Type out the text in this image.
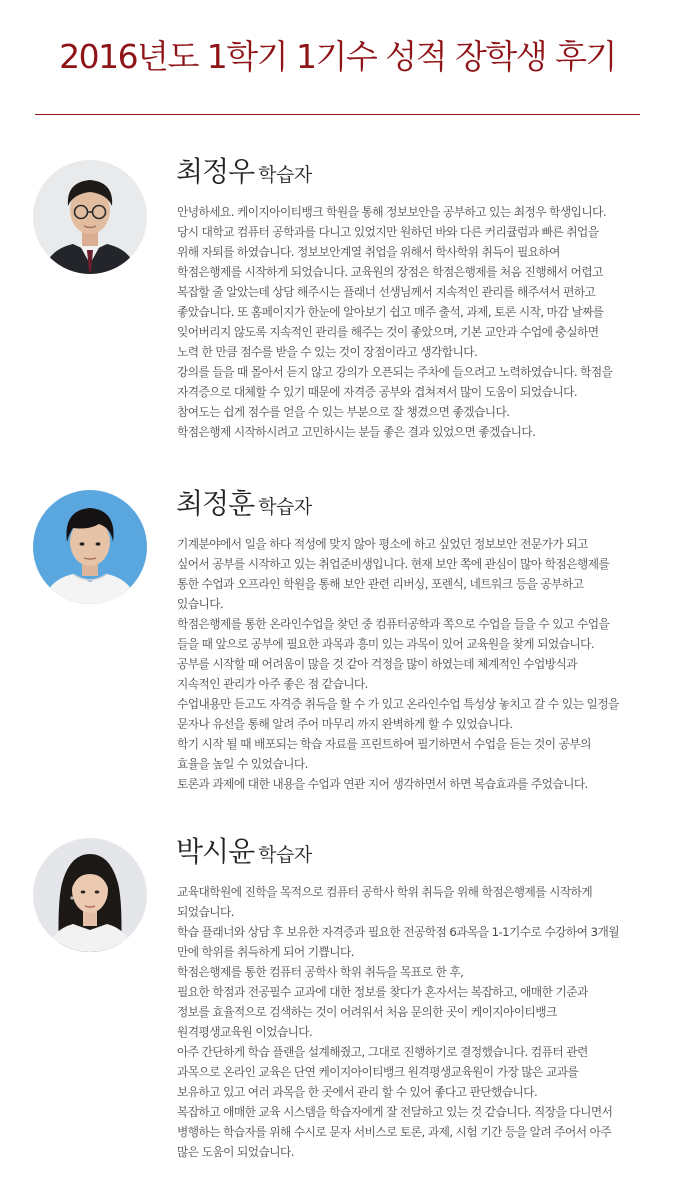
2016년도 1학기 1기수 성적 장학생 후기
최정우 학습자
안녕하세요. 케이지아이티뱅크 학원을 통해 정보보안을 공부하고 있는 최정우 학생입니다.
당시 대학교 컴퓨터 공학과를 다니고 있었지만 원하던 바와 다른 커리큘럼과 빠른 취업을
위해 자퇴를 하였습니다. 정보보안계열 취업을 위해서 학사학위 취득이 필요하여
학점은행제를 시작하게 되었습니다. 교육원의 장점은 학점은행제를 처음 진행해서 어렵고
복잡할 줄 알았는데 상담 해주시는 플래너 선생님께서 지속적인 관리를 해주셔서 편하고
좋았습니다. 또 홈페이지가 한눈에 알아보기 쉽고 매주 출석, 과제, 토론 시작, 마감 날짜를
잊어버리지 않도록 지속적인 관리를 해주는 것이 좋았으며, 기본 교안과 수업에 충실하면
노력 한 만큼 점수를 받을 수 있는 것이 장점이라고 생각합니다.
강의를 들을 때 몰아서 듣지 않고 강의가 오픈되는 주차에 들으려고 노력하였습니다. 학점을
자격증으로 대체할 수 있기 때문에 자격증 공부와 겹쳐져서 많이 도움이 되었습니다.
참여도는 쉽게 점수를 얻을 수 있는 부분으로 잘 챙겼으면 좋겠습니다.
학점은행제 시작하시려고 고민하시는 분들 좋은 결과 있었으면 좋겠습니다.
최정훈 학습자
기계분야에서 일을 하다 적성에 맞지 않아 평소에 하고 싶었던 정보보안 전문가가 되고
싶어서 공부를 시작하고 있는 취업준비생입니다. 현재 보안 쪽에 관심이 많아 학점은행제를
통한 수업과 오프라인 학원을 통해 보안 관련 리버싱, 포렌식, 네트워크 등을 공부하고
있습니다.
학점은행제를 통한 온라인수업을 찾던 중 컴퓨터공학과 쪽으로 수업을 들을 수 있고 수업을
들을 때 앞으로 공부에 필요한 과목과 흥미 있는 과목이 있어 교육원을 찾게 되었습니다.
공부를 시작할 때 어려움이 많을 것 같아 걱정을 많이 하였는데 체계적인 수업방식과
지속적인 관리가 아주 좋은 점 같습니다.
수업내용만 듣고도 자격증 취득을 할 수 가 있고 온라인수업 특성상 놓치고 갈 수 있는 일정을
문자나 유선을 통해 알려 주어 마무리 까지 완벽하게 할 수 있었습니다.
학기 시작 될 때 배포되는 학습 자료를 프린트하여 필기하면서 수업을 듣는 것이 공부의
효율을 높일 수 있었습니다.
토론과 과제에 대한 내용을 수업과 연관 지어 생각하면서 하면 복습효과를 주었습니다.
박시윤 학습자
교육대학원에 진학을 목적으로 컴퓨터 공학사 학위 취득을 위해 학점은행제를 시작하게
되었습니다.
학습 플래너와 상담 후 보유한 자격증과 필요한 전공학점 6과목을 1-1기수로 수강하여 3개월
만에 학위를 취득하게 되어 기쁩니다.
학점은행제를 통한 컴퓨터 공학사 학위 취득을 목표로 한 후,
필요한 학점과 전공필수 교과에 대한 정보를 찾다가 혼자서는 복잡하고, 애매한 기준과
정보를 효율적으로 검색하는 것이 어려워서 처음 문의한 곳이 케이지아이티뱅크
원격평생교육원 이었습니다.
아주 간단하게 학습 플랜을 설계해줬고, 그대로 진행하기로 결정했습니다. 컴퓨터 관련
과목으로 온라인 교육은 단연 케이지아이티뱅크 원격평생교육원이 가장 많은 교과를
보유하고 있고 여러 과목을 한 곳에서 관리 할 수 있어 좋다고 판단했습니다.
복잡하고 애매한 교육 시스템을 학습자에게 잘 전달하고 있는 것 같습니다. 직장을 다니면서
병행하는 학습자를 위해 수시로 문자 서비스로 토론, 과제, 시험 기간 등을 알려 주어서 아주
많은 도움이 되었습니다.
